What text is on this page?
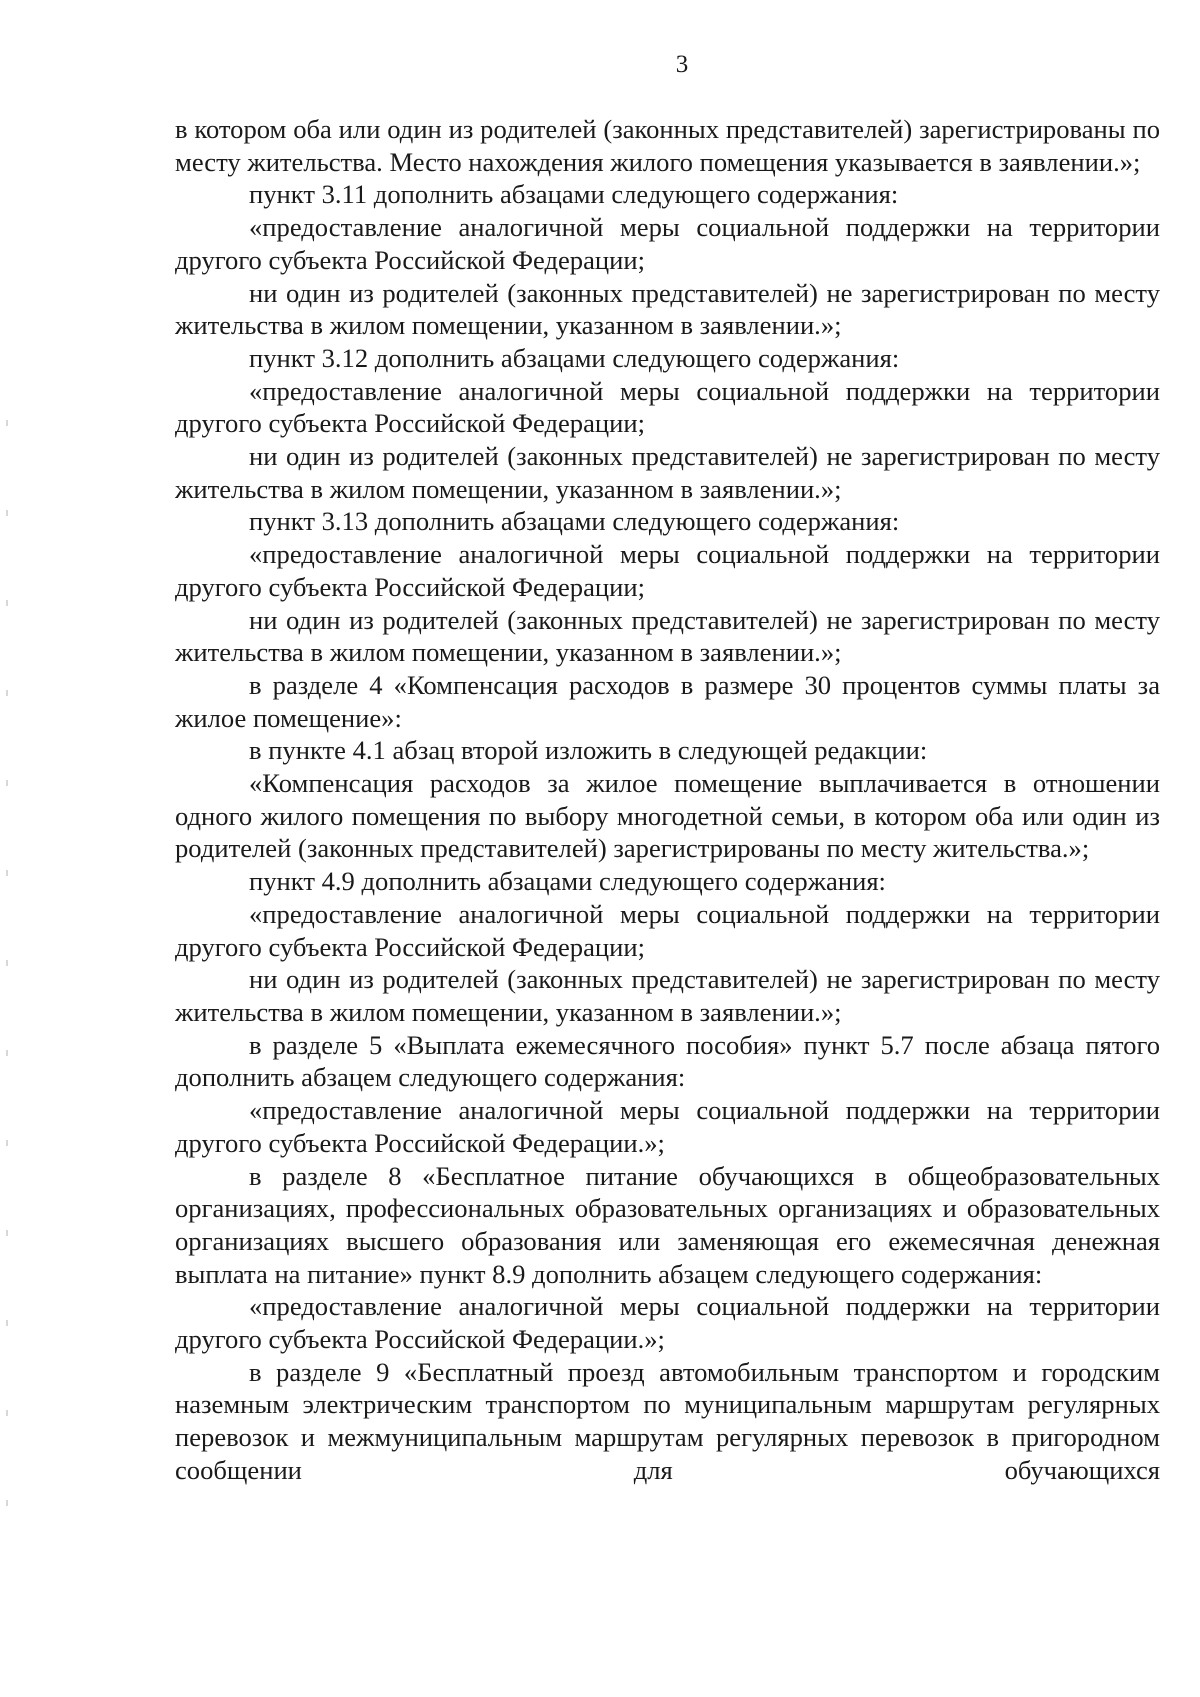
3

в котором оба или один из родителей (законных представителей) зарегистрированы по месту жительства. Место нахождения жилого помещения указывается в заявлении.»;

пункт 3.11 дополнить абзацами следующего содержания:

«предоставление аналогичной меры социальной поддержки на территории другого субъекта Российской Федерации;

ни один из родителей (законных представителей) не зарегистрирован по месту жительства в жилом помещении, указанном в заявлении.»;

пункт 3.12 дополнить абзацами следующего содержания:

«предоставление аналогичной меры социальной поддержки на территории другого субъекта Российской Федерации;

ни один из родителей (законных представителей) не зарегистрирован по месту жительства в жилом помещении, указанном в заявлении.»;

пункт 3.13 дополнить абзацами следующего содержания:

«предоставление аналогичной меры социальной поддержки на территории другого субъекта Российской Федерации;

ни один из родителей (законных представителей) не зарегистрирован по месту жительства в жилом помещении, указанном в заявлении.»;

в разделе 4 «Компенсация расходов в размере 30 процентов суммы платы за жилое помещение»:

в пункте 4.1 абзац второй изложить в следующей редакции:

«Компенсация расходов за жилое помещение выплачивается в отношении одного жилого помещения по выбору многодетной семьи, в котором оба или один из родителей (законных представителей) зарегистрированы по месту жительства.»;

пункт 4.9 дополнить абзацами следующего содержания:

«предоставление аналогичной меры социальной поддержки на территории другого субъекта Российской Федерации;

ни один из родителей (законных представителей) не зарегистрирован по месту жительства в жилом помещении, указанном в заявлении.»;

в разделе 5 «Выплата ежемесячного пособия» пункт 5.7 после абзаца пятого дополнить абзацем следующего содержания:

«предоставление аналогичной меры социальной поддержки на территории другого субъекта Российской Федерации.»;

в разделе 8 «Бесплатное питание обучающихся в общеобразовательных организациях, профессиональных образовательных организациях и образовательных организациях высшего образования или заменяющая его ежемесячная денежная выплата на питание» пункт 8.9 дополнить абзацем следующего содержания:

«предоставление аналогичной меры социальной поддержки на территории другого субъекта Российской Федерации.»;

в разделе 9 «Бесплатный проезд автомобильным транспортом и городским наземным электрическим транспортом по муниципальным маршрутам регулярных перевозок и межмуниципальным маршрутам регулярных перевозок в пригородном сообщении для обучающихся
